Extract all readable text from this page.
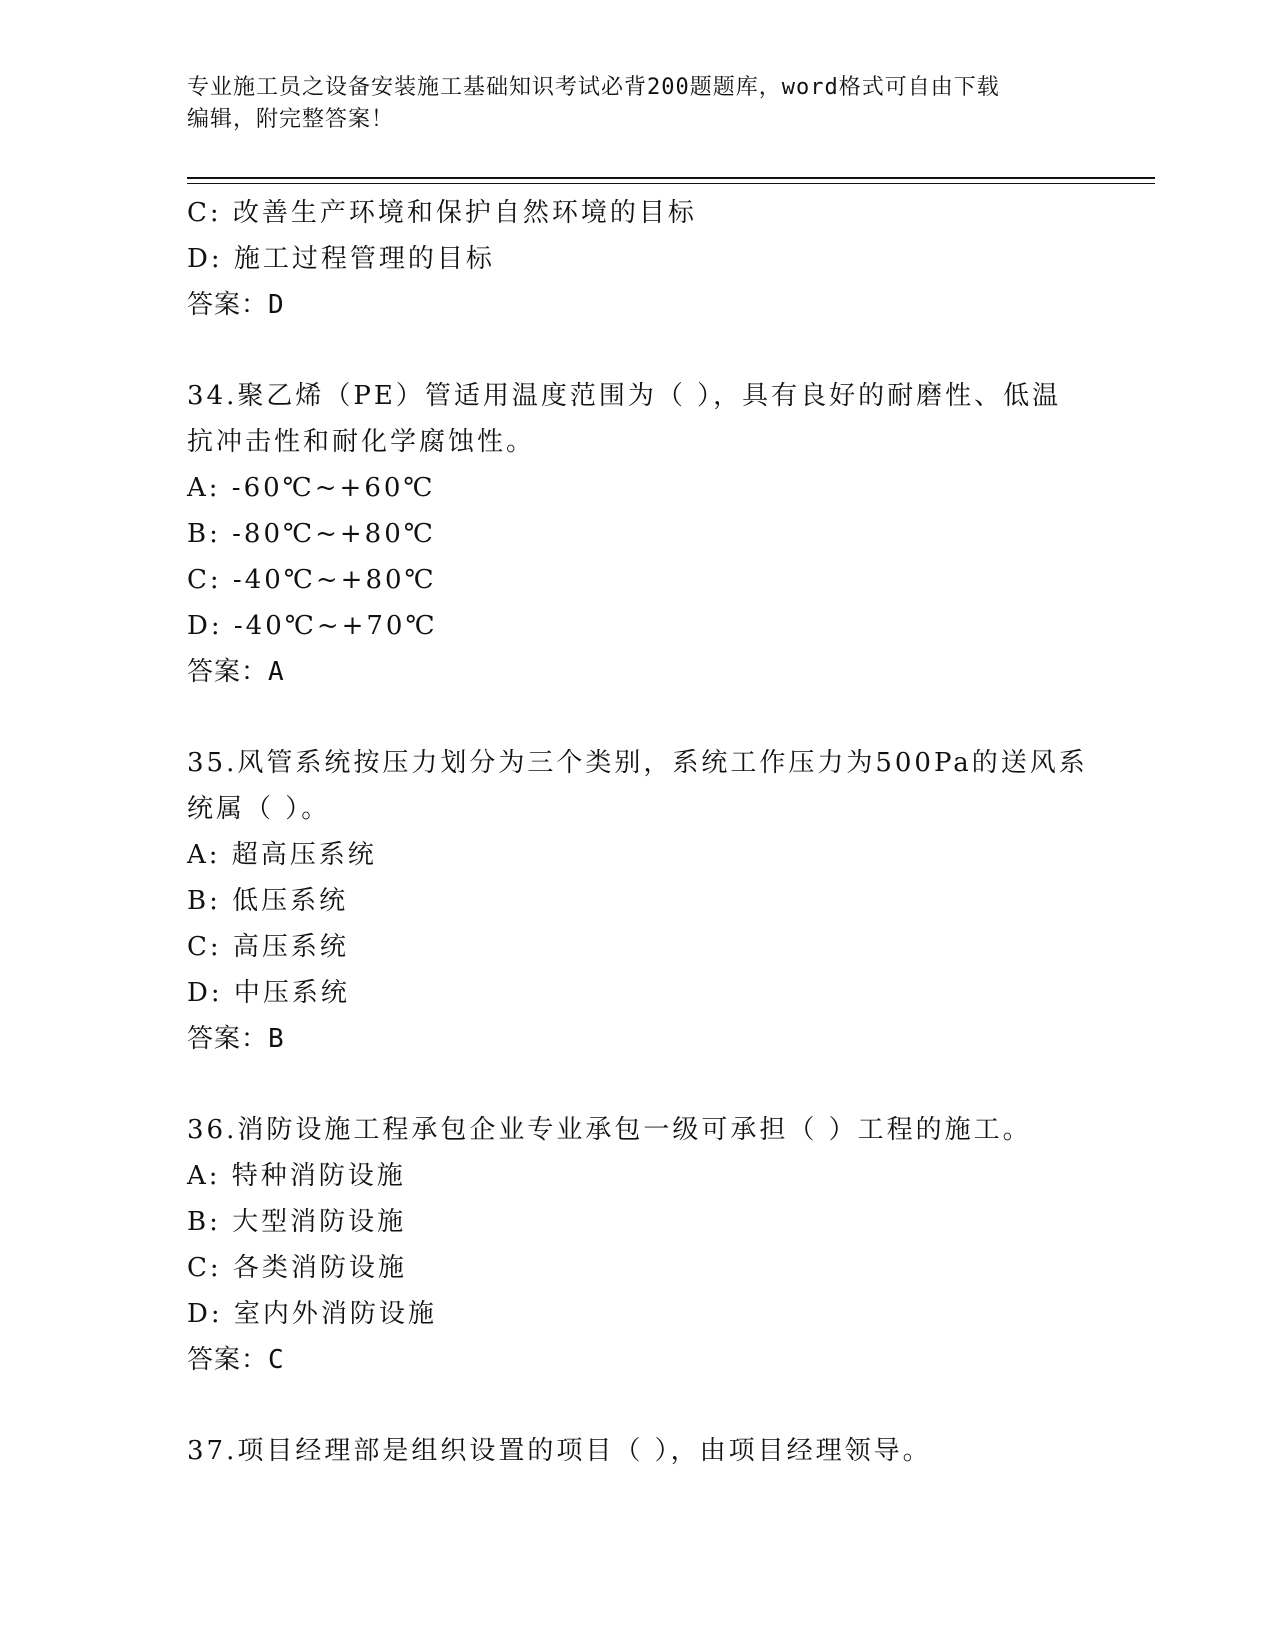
专业施工员之设备安装施工基础知识考试必背200题题库，word格式可自由下载
编辑，附完整答案！
C: 改善生产环境和保护自然环境的目标
D: 施工过程管理的目标
答案：D
34.聚乙烯（PE）管适用温度范围为（ ），具有良好的耐磨性、低温
抗冲击性和耐化学腐蚀性。
A: -60℃~+60℃
B: -80℃~+80℃
C: -40℃~+80℃
D: -40℃~+70℃
答案：A
35.风管系统按压力划分为三个类别，系统工作压力为500Pa的送风系
统属（ ）。
A: 超高压系统
B: 低压系统
C: 高压系统
D: 中压系统
答案：B
36.消防设施工程承包企业专业承包一级可承担（ ）工程的施工。
A: 特种消防设施
B: 大型消防设施
C: 各类消防设施
D: 室内外消防设施
答案：C
37.项目经理部是组织设置的项目（ ），由项目经理领导。
